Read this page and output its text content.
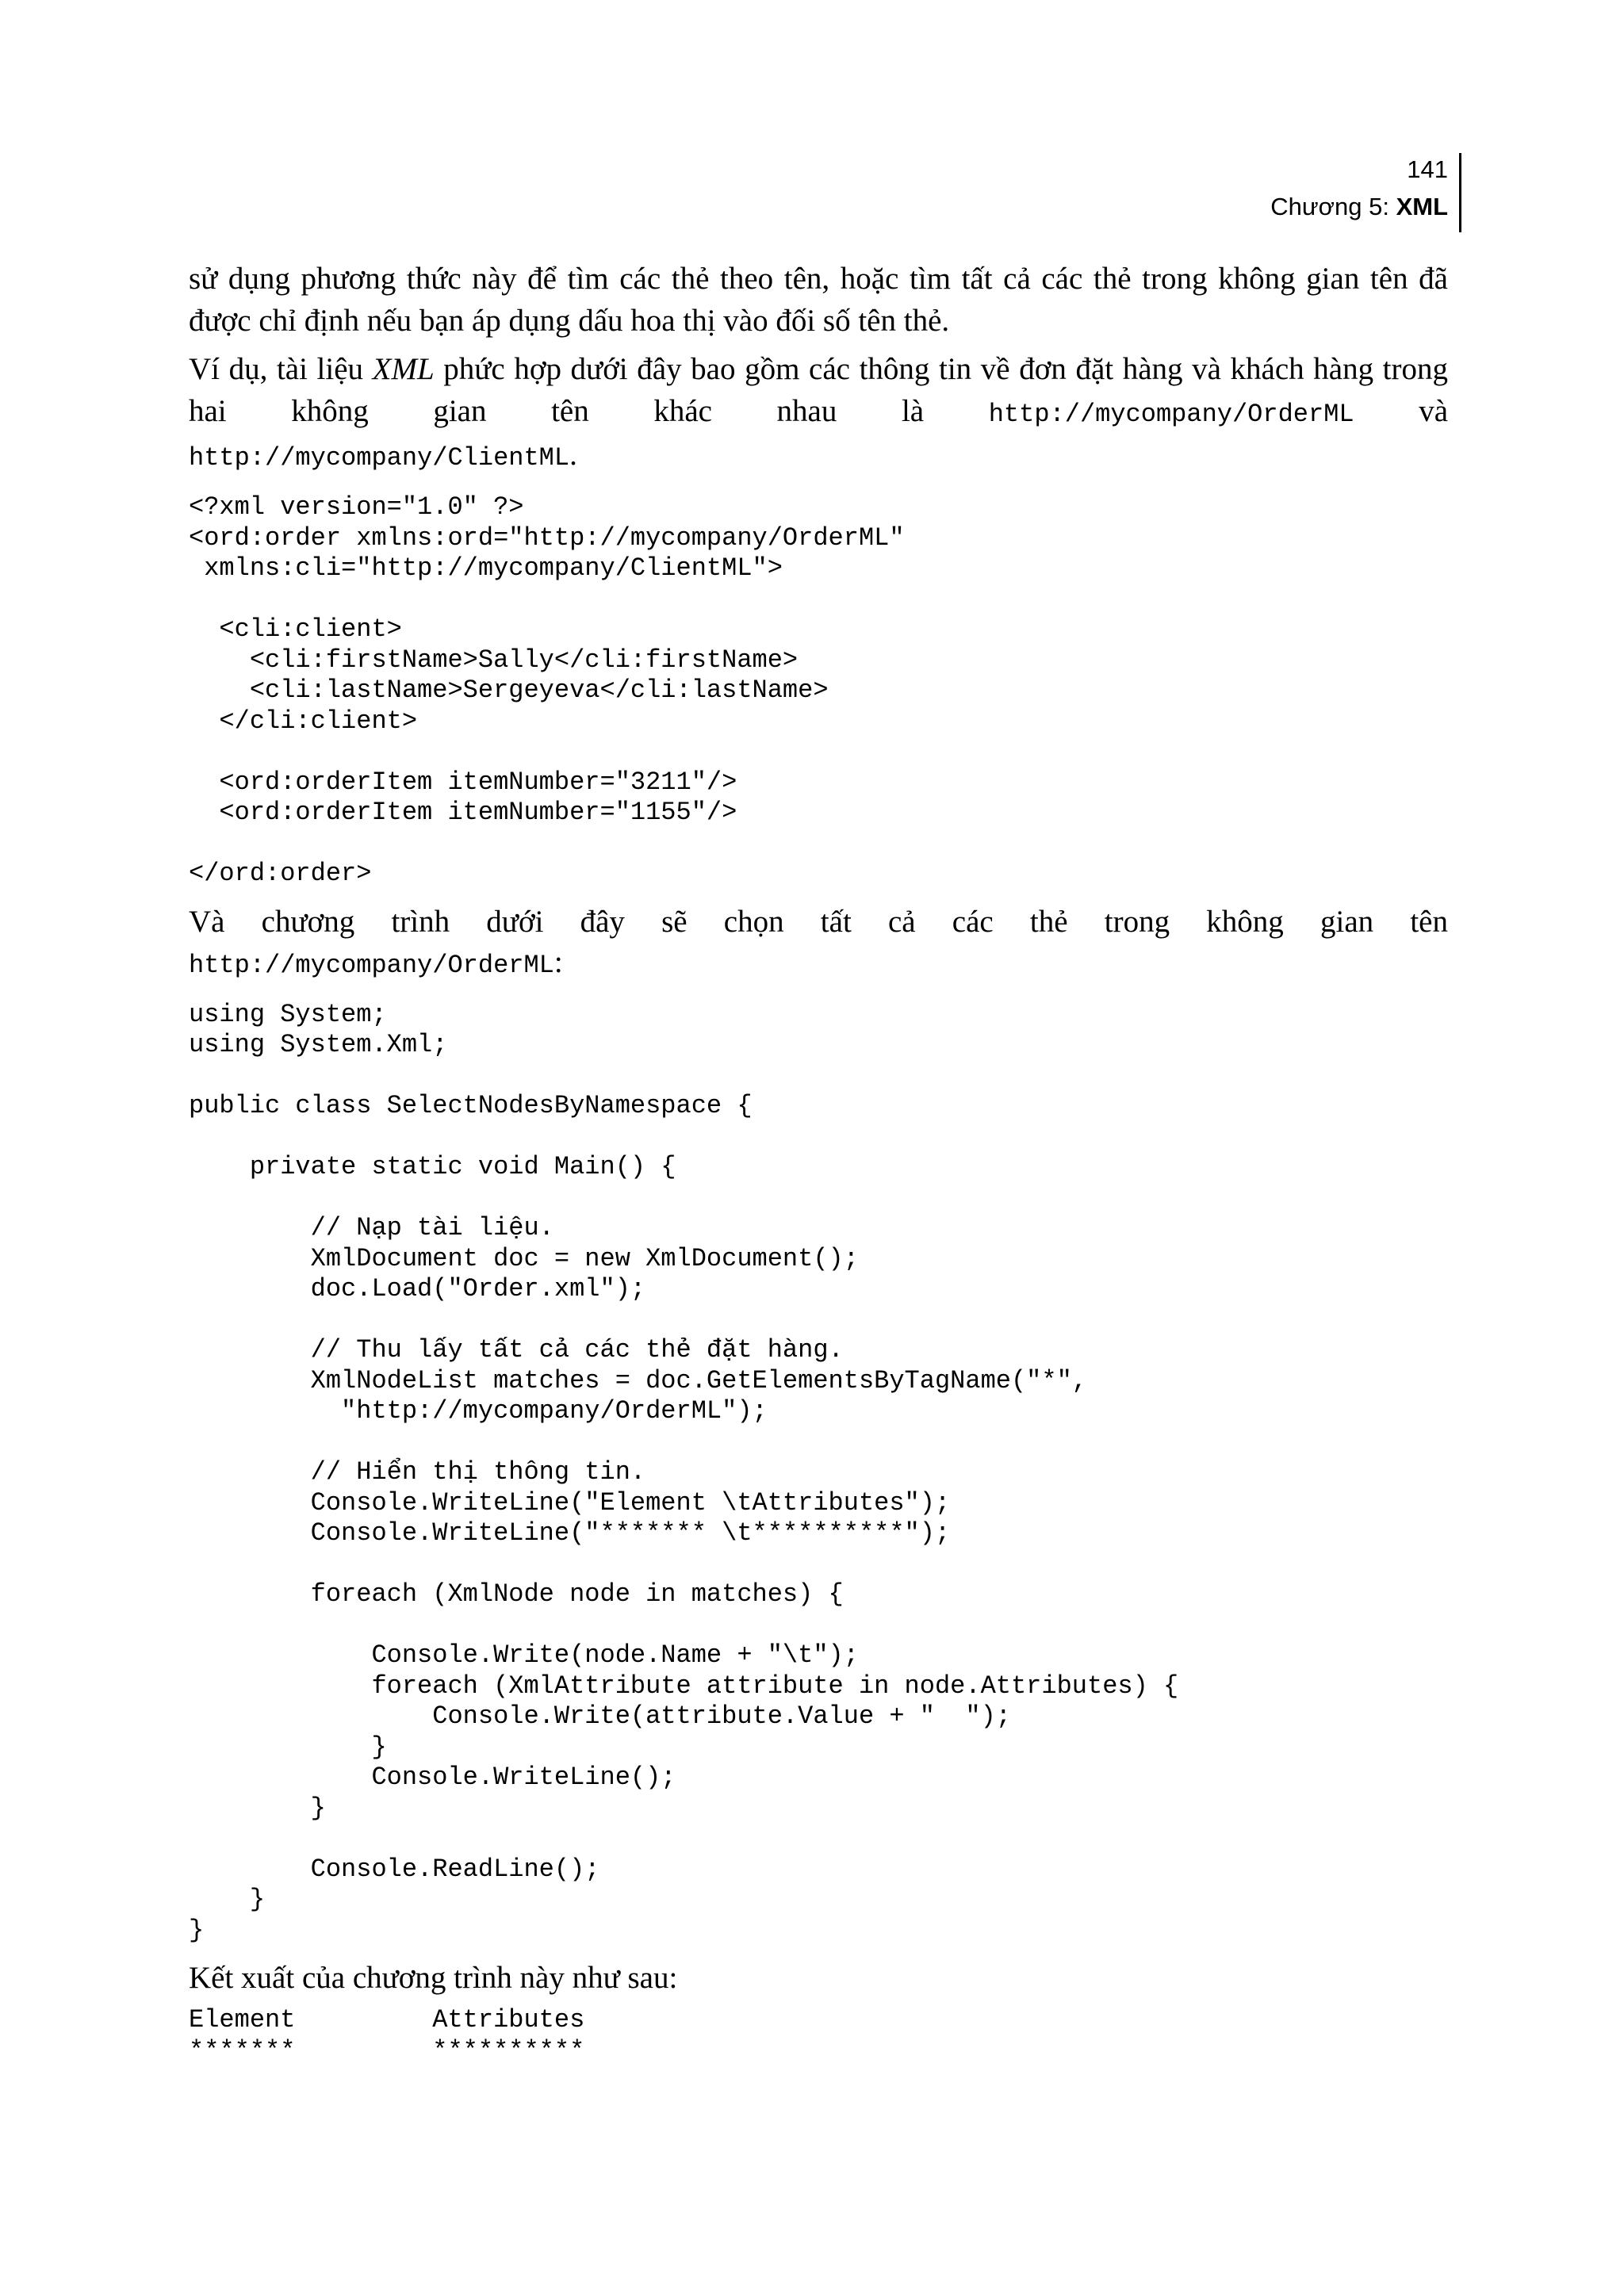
141
Chương 5: XML

sử dụng phương thức này để tìm các thẻ theo tên, hoặc tìm tất cả các thẻ trong không gian tên đã được chỉ định nếu bạn áp dụng dấu hoa thị vào đối số tên thẻ.

Ví dụ, tài liệu XML phức hợp dưới đây bao gồm các thông tin về đơn đặt hàng và khách hàng trong hai không gian tên khác nhau là http://mycompany/OrderML và

http://mycompany/ClientML.
<?xml version="1.0" ?>
<ord:order xmlns:ord="http://mycompany/OrderML"
xmlns:cli="http://mycompany/ClientML">

<cli:client>
<cli:firstName>Sally</cli:firstName>
<cli:lastName>Sergeyeva</cli:lastName>
</cli:client>

<ord:orderItem itemNumber="3211"/>
<ord:orderItem itemNumber="1155"/>

</ord:order>

Và chương trình dưới đây sẽ chọn tất cả các thẻ trong không gian tên

http://mycompany/OrderML:
using System;
using System.Xml;

public class SelectNodesByNamespace {

private static void Main() {

// Nạp tài liệu.
XmlDocument doc = new XmlDocument();
doc.Load("Order.xml");

// Thu lấy tất cả các thẻ đặt hàng.
XmlNodeList matches = doc.GetElementsByTagName("*",
"http://mycompany/OrderML");

// Hiển thị thông tin.
Console.WriteLine("Element \tAttributes");
Console.WriteLine("******* \t**********");

foreach (XmlNode node in matches) {

Console.Write(node.Name + "\t");
foreach (XmlAttribute attribute in node.Attributes) {
Console.Write(attribute.Value + "  ");
}
Console.WriteLine();
}

Console.ReadLine();
}
}

Kết xuất của chương trình này như sau:

Element         Attributes
*******         **********
